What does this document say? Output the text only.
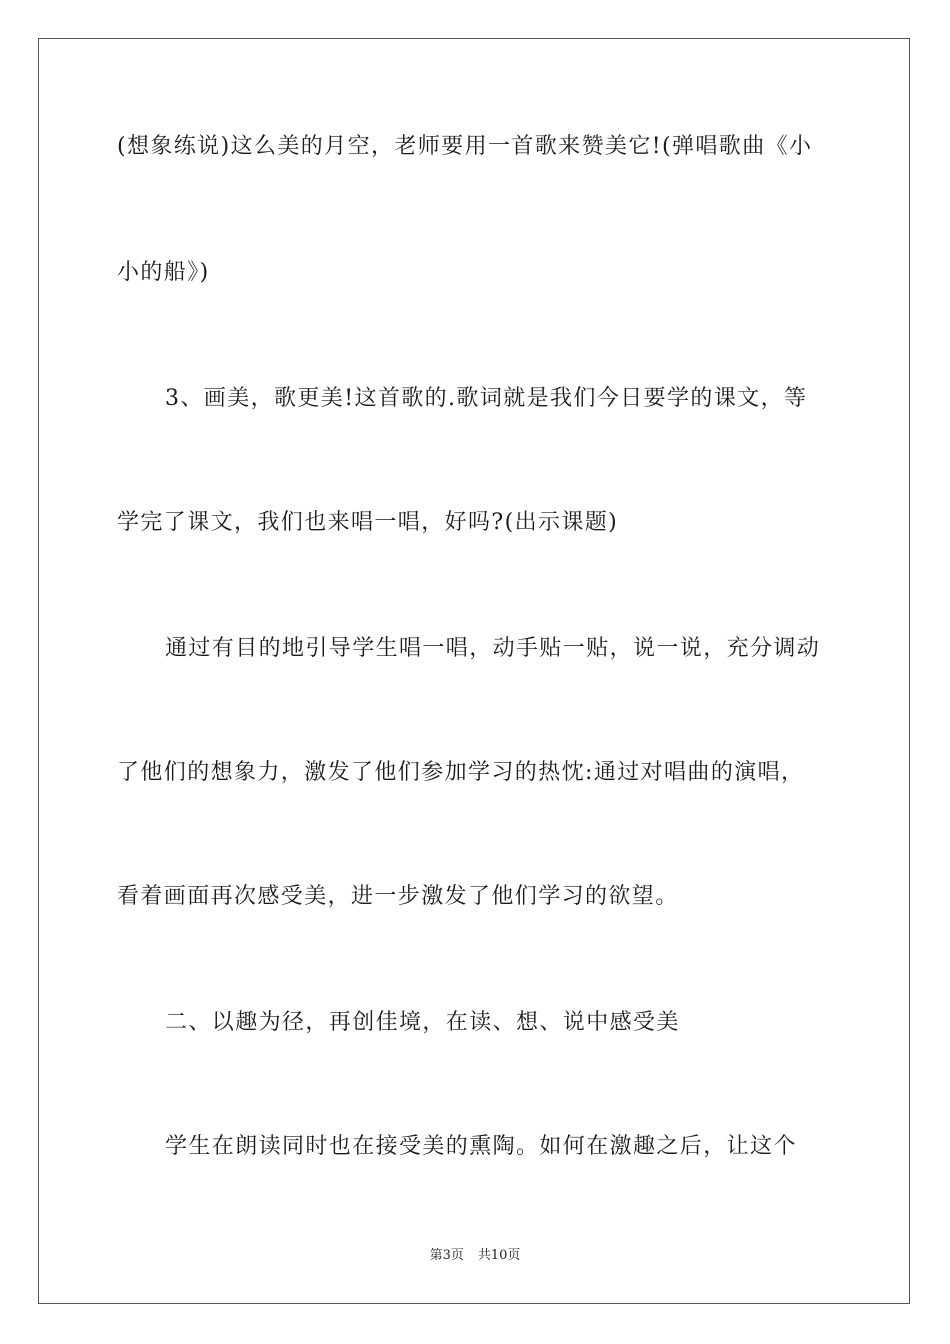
(想象练说)这么美的月空，老师要用一首歌来赞美它!(弹唱歌曲《小
小的船》)
3、画美，歌更美!这首歌的.歌词就是我们今日要学的课文，等
学完了课文，我们也来唱一唱，好吗?(出示课题)
通过有目的地引导学生唱一唱，动手贴一贴，说一说，充分调动
了他们的想象力，激发了他们参加学习的热忱:通过对唱曲的演唱，
看着画面再次感受美，进一步激发了他们学习的欲望。
二、以趣为径，再创佳境，在读、想、说中感受美
学生在朗读同时也在接受美的熏陶。如何在激趣之后，让这个
第3页 共10页
